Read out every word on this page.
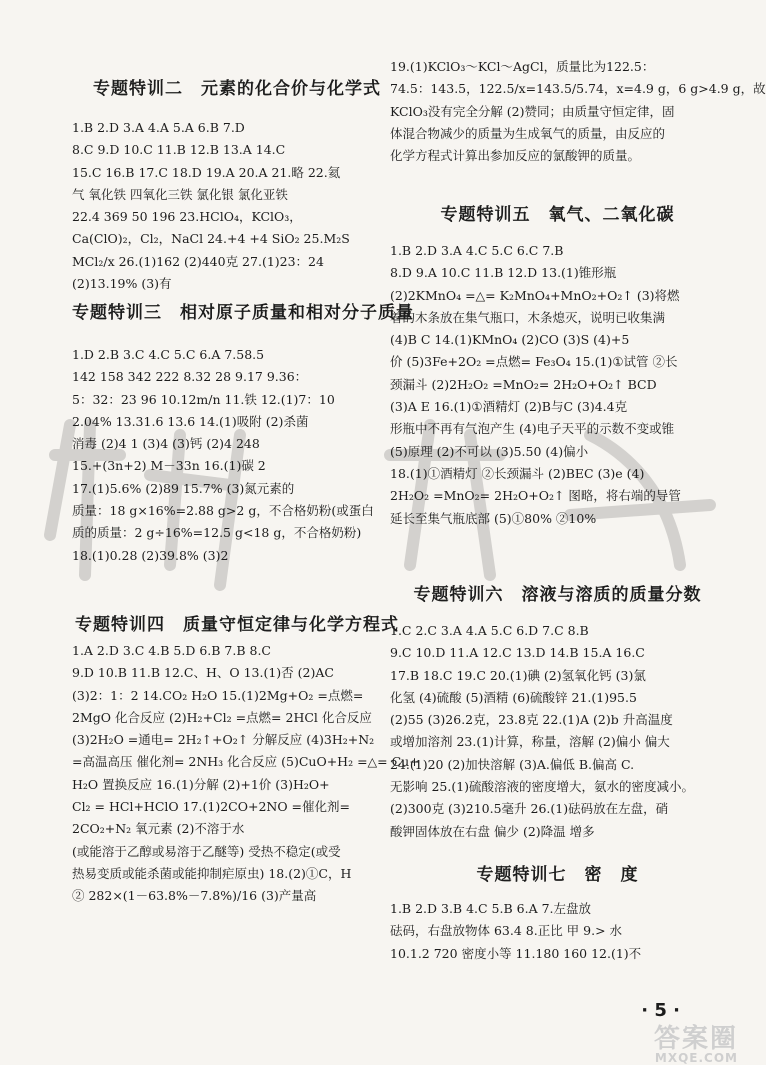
专题特训二　元素的化合价与化学式
1.B 2.D 3.A 4.A 5.A 6.B 7.D
8.C 9.D 10.C 11.B 12.B 13.A 14.C
15.C 16.B 17.C 18.D 19.A 20.A 21.略 22.氦
气 氧化铁 四氧化三铁 氯化银 氯化亚铁
22.4 369 50 196 23.HClO₄，KClO₃，
Ca(ClO)₂，Cl₂，NaCl 24.+4 +4 SiO₂ 25.M₂S
MCl₂/x 26.(1)162 (2)440克 27.(1)23：24
(2)13.19% (3)有
专题特训三　相对原子质量和相对分子质量
1.D 2.B 3.C 4.C 5.C 6.A 7.58.5
142 158 342 222 8.32 28 9.17 9.36：
5：32：23 96 10.12m/n 11.铁 12.(1)7：10
2.04% 13.31.6 13.6 14.(1)吸附 (2)杀菌
消毒 (2)4 1 (3)4 (3)钙 (2)4 248
15.+(3n+2) M－33n 16.(1)碳 2
17.(1)5.6% (2)89 15.7% (3)氮元素的
质量：18 g×16%=2.88 g>2 g，不合格奶粉(或蛋白
质的质量：2 g÷16%=12.5 g<18 g，不合格奶粉)
18.(1)0.28 (2)39.8% (3)2
专题特训四　质量守恒定律与化学方程式
1.A 2.D 3.C 4.B 5.D 6.B 7.B 8.C
9.D 10.B 11.B 12.C、H、O 13.(1)否 (2)AC
(3)2：1：2 14.CO₂ H₂O 15.(1)2Mg+O₂ =点燃=
2MgO 化合反应 (2)H₂+Cl₂ =点燃= 2HCl 化合反应
(3)2H₂O =通电= 2H₂↑+O₂↑ 分解反应 (4)3H₂+N₂
=高温高压 催化剂= 2NH₃ 化合反应 (5)CuO+H₂ =△= Cu+
H₂O 置换反应 16.(1)分解 (2)+1价 (3)H₂O+
Cl₂ = HCl+HClO 17.(1)2CO+2NO =催化剂=
2CO₂+N₂ 氧元素 (2)不溶于水
(或能溶于乙醇或易溶于乙醚等) 受热不稳定(或受
热易变质或能杀菌或能抑制疟原虫) 18.(2)①C，H
② 282×(1－63.8%－7.8%)/16 (3)产量高
19.(1)KClO₃～KCl～AgCl，质量比为122.5：
74.5：143.5，122.5/x=143.5/5.74，x=4.9 g，6 g>4.9 g，故
KClO₃没有完全分解 (2)赞同；由质量守恒定律，固
体混合物减少的质量为生成氧气的质量，由反应的
化学方程式计算出参加反应的氯酸钾的质量。
专题特训五　氧气、二氧化碳
1.B 2.D 3.A 4.C 5.C 6.C 7.B
8.D 9.A 10.C 11.B 12.D 13.(1)锥形瓶
(2)2KMnO₄ =△= K₂MnO₄+MnO₂+O₂↑ (3)将燃
着的木条放在集气瓶口，木条熄灭，说明已收集满
(4)B C 14.(1)KMnO₄ (2)CO (3)S (4)+5
价 (5)3Fe+2O₂ =点燃= Fe₃O₄ 15.(1)①试管 ②长
颈漏斗 (2)2H₂O₂ =MnO₂= 2H₂O+O₂↑ BCD
(3)A E 16.(1)①酒精灯 (2)B与C (3)4.4克
形瓶中不再有气泡产生 (4)电子天平的示数不变或锥
(5)原理 (2)不可以 (3)5.50 (4)偏小
18.(1)①酒精灯 ②长颈漏斗 (2)BEC (3)e (4)
2H₂O₂ =MnO₂= 2H₂O+O₂↑ 图略，将右端的导管
延长至集气瓶底部 (5)①80% ②10%
专题特训六　溶液与溶质的质量分数
1.C 2.C 3.A 4.A 5.C 6.D 7.C 8.B
9.C 10.D 11.A 12.C 13.D 14.B 15.A 16.C
17.B 18.C 19.C 20.(1)碘 (2)氢氧化钙 (3)氯
化氢 (4)硫酸 (5)酒精 (6)硫酸锌 21.(1)95.5
(2)55 (3)26.2克，23.8克 22.(1)A (2)b 升高温度
或增加溶剂 23.(1)计算，称量，溶解 (2)偏小 偏大
24.(1)20 (2)加快溶解 (3)A.偏低 B.偏高 C.
无影响 25.(1)硫酸溶液的密度增大，氨水的密度减小。
(2)300克 (3)210.5毫升 26.(1)砝码放在左盘，硝
酸钾固体放在右盘 偏少 (2)降温 增多
专题特训七　密　度
1.B 2.D 3.B 4.C 5.B 6.A 7.左盘放
砝码，右盘放物体 63.4 8.正比 甲 9.> 水
10.1.2 720 密度小等 11.180 160 12.(1)不
· 5 ·
答案圈
MXQE.COM
